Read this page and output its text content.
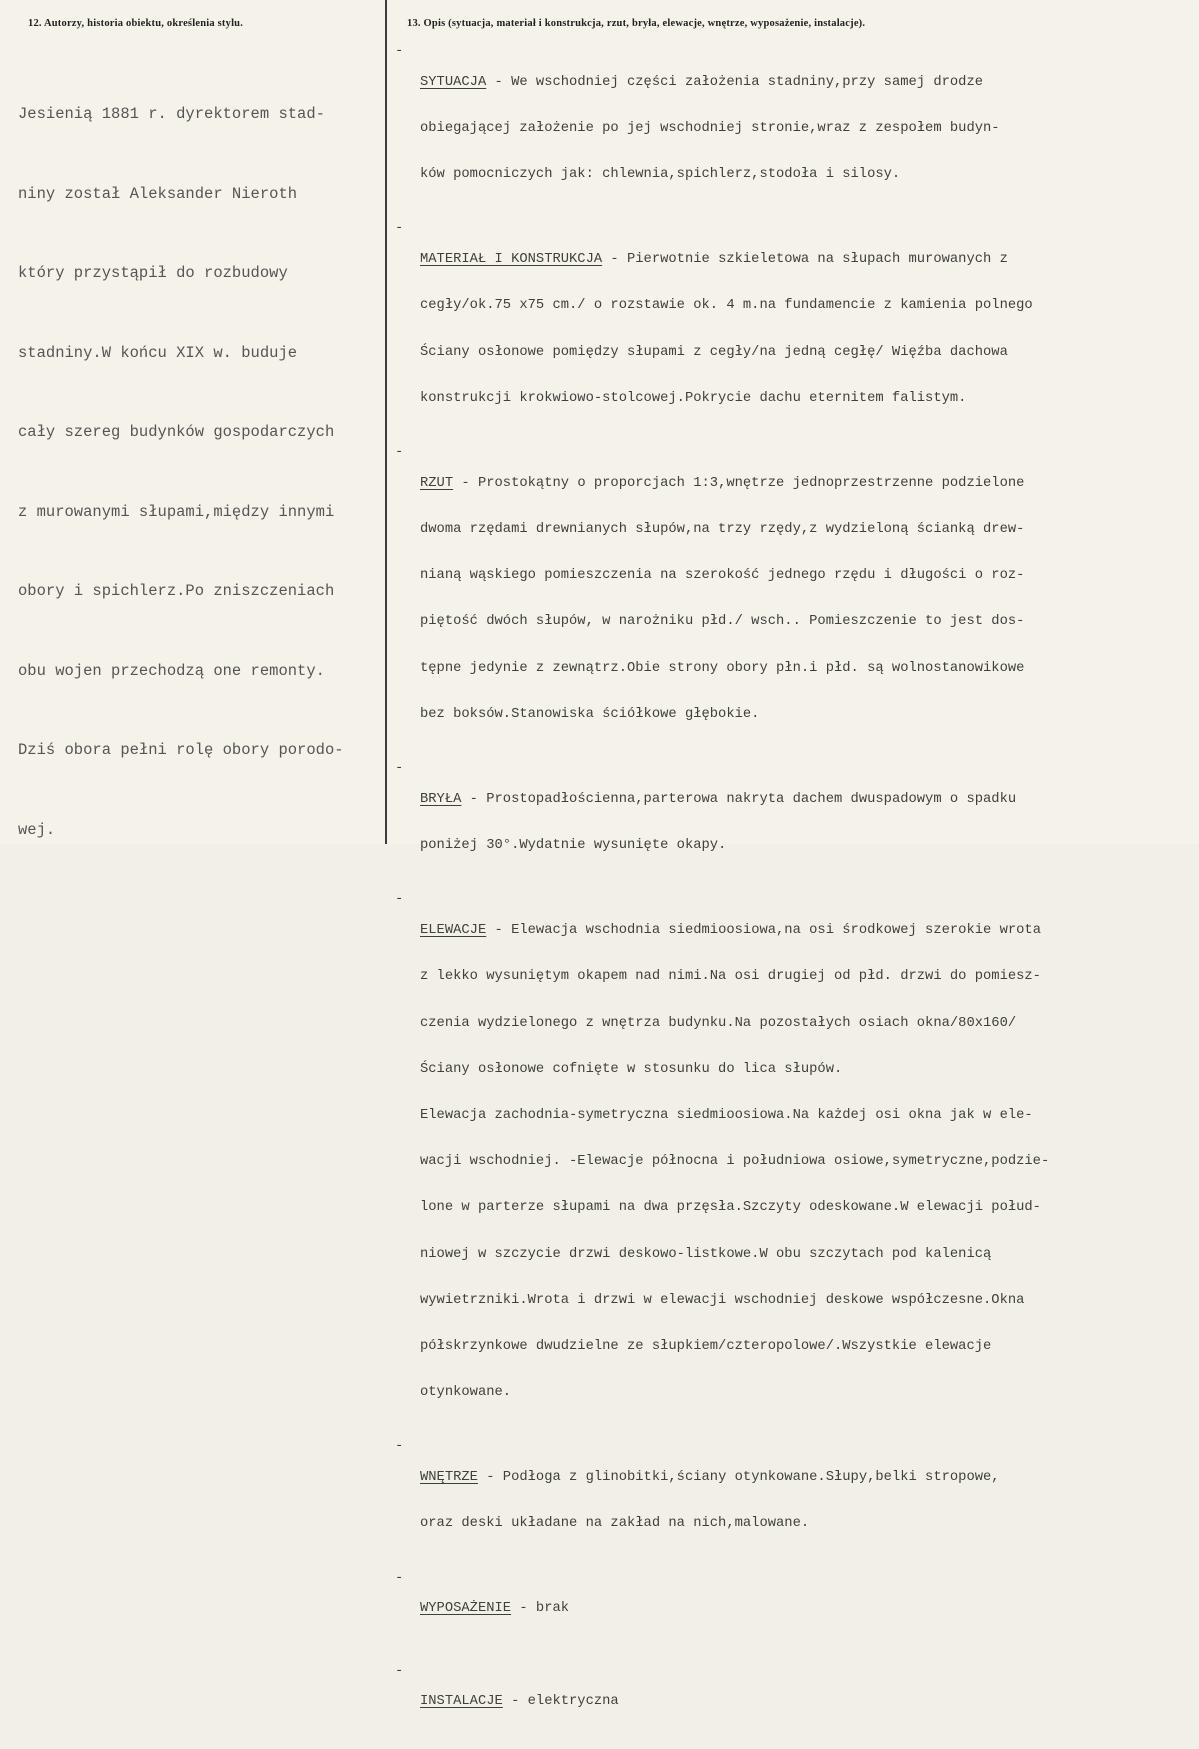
12. Autorzy, historia obiektu, określenia stylu.

Jesienią 1881 r. dyrektorem stad-

niny został Aleksander Nieroth

który przystąpił do rozbudowy

stadniny.W końcu XIX w. buduje

cały szereg budynków gospodarczych

z murowanymi słupami,między innymi

obory i spichlerz.Po zniszczeniach

obu wojen przechodzą one remonty.

Dziś obora pełni rolę obory porodo-

wej.

13. Opis (sytuacja, materiał i konstrukcja, rzut, bryła, elewacje, wnętrze, wyposażenie, instalacje).
-

SYTUACJA - We wschodniej części założenia stadniny,przy samej drodze

obiegającej założenie po jej wschodniej stronie,wraz z zespołem budyn-

ków pomocniczych jak: chlewnia,spichlerz,stodoła i silosy.

-

MATERIAŁ I KONSTRUKCJA - Pierwotnie szkieletowa na słupach murowanych z

cegły/ok.75 x75 cm./ o rozstawie ok. 4 m.na fundamencie z kamienia polnego

Ściany osłonowe pomiędzy słupami z cegły/na jedną cegłę/ Więźba dachowa

konstrukcji krokwiowo-stolcowej.Pokrycie dachu eternitem falistym.

-

RZUT - Prostokątny o proporcjach 1:3,wnętrze jednoprzestrzenne podzielone

dwoma rzędami drewnianych słupów,na trzy rzędy,z wydzieloną ścianką drew-

nianą wąskiego pomieszczenia na szerokość jednego rzędu i długości o roz-

piętość dwóch słupów, w narożniku płd./ wsch.. Pomieszczenie to jest dos-

tępne jedynie z zewnątrz.Obie strony obory płn.i płd. są wolnostanowikowe

bez boksów.Stanowiska ściółkowe głębokie.

-

BRYŁA - Prostopadłościenna,parterowa nakryta dachem dwuspadowym o spadku

poniżej 30°.Wydatnie wysunięte okapy.

-

ELEWACJE - Elewacja wschodnia siedmioosiowa,na osi środkowej szerokie wrota

z lekko wysuniętym okapem nad nimi.Na osi drugiej od płd. drzwi do pomiesz-

czenia wydzielonego z wnętrza budynku.Na pozostałych osiach okna/80x160/

Ściany osłonowe cofnięte w stosunku do lica słupów.

Elewacja zachodnia-symetryczna siedmioosiowa.Na każdej osi okna jak w ele-

wacji wschodniej. -Elewacje północna i południowa osiowe,symetryczne,podzie-

lone w parterze słupami na dwa przęsła.Szczyty odeskowane.W elewacji połud-

niowej w szczycie drzwi deskowo-listkowe.W obu szczytach pod kalenicą

wywietrzniki.Wrota i drzwi w elewacji wschodniej deskowe współczesne.Okna

półskrzynkowe dwudzielne ze słupkiem/czteropolowe/.Wszystkie elewacje

otynkowane.

-

WNĘTRZE - Podłoga z glinobitki,ściany otynkowane.Słupy,belki stropowe,

oraz deski układane na zakład na nich,malowane.

-

WYPOSAŻENIE - brak

-

INSTALACJE - elektryczna
